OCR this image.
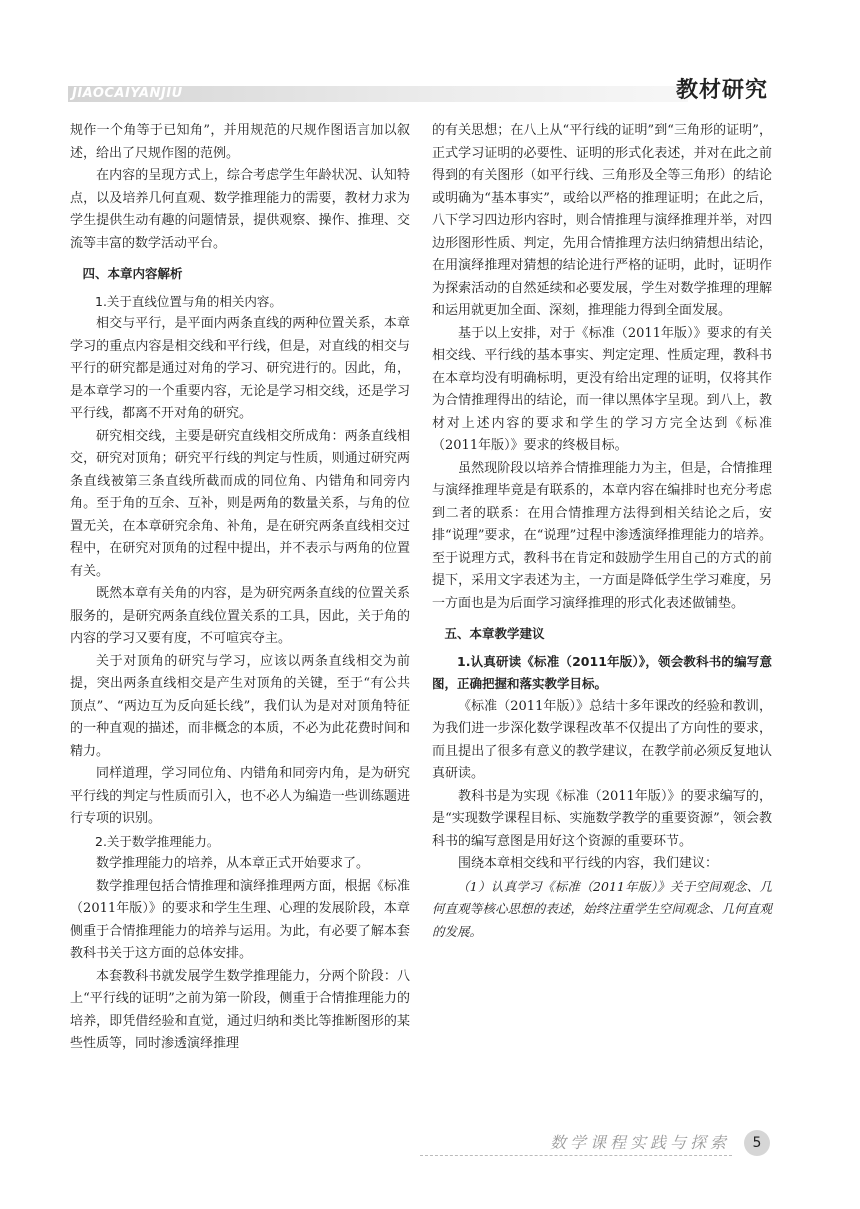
JIAOCAIYANJIU	教材研究

规作一个角等于已知角”，并用规范的尺规作图语言加以叙述，给出了尺规作图的范例。

在内容的呈现方式上，综合考虑学生年龄状况、认知特点，以及培养几何直观、数学推理能力的需要，教材力求为学生提供生动有趣的问题情景，提供观察、操作、推理、交流等丰富的数学活动平台。

四、本章内容解析

1.关于直线位置与角的相关内容。

相交与平行，是平面内两条直线的两种位置关系，本章学习的重点内容是相交线和平行线，但是，对直线的相交与平行的研究都是通过对角的学习、研究进行的。因此，角，是本章学习的一个重要内容，无论是学习相交线，还是学习平行线，都离不开对角的研究。

研究相交线，主要是研究直线相交所成角：两条直线相交，研究对顶角；研究平行线的判定与性质，则通过研究两条直线被第三条直线所截而成的同位角、内错角和同旁内角。至于角的互余、互补，则是两角的数量关系，与角的位置无关，在本章研究余角、补角，是在研究两条直线相交过程中，在研究对顶角的过程中提出，并不表示与两角的位置有关。

既然本章有关角的内容，是为研究两条直线的位置关系服务的，是研究两条直线位置关系的工具，因此，关于角的内容的学习又要有度，不可喧宾夺主。

关于对顶角的研究与学习，应该以两条直线相交为前提，突出两条直线相交是产生对顶角的关键，至于“有公共顶点”、“两边互为反向延长线”，我们认为是对对顶角特征的一种直观的描述，而非概念的本质，不必为此花费时间和精力。

同样道理，学习同位角、内错角和同旁内角，是为研究平行线的判定与性质而引入，也不必人为编造一些训练题进行专项的识别。

2.关于数学推理能力。

数学推理能力的培养，从本章正式开始要求了。

数学推理包括合情推理和演绎推理两方面，根据《标准（2011年版）》的要求和学生生理、心理的发展阶段，本章侧重于合情推理能力的培养与运用。为此，有必要了解本套教科书关于这方面的总体安排。

本套教科书就发展学生数学推理能力，分两个阶段：八上“平行线的证明”之前为第一阶段，侧重于合情推理能力的培养，即凭借经验和直觉，通过归纳和类比等推断图形的某些性质等，同时渗透演绎推理

的有关思想；在八上从“平行线的证明”到“三角形的证明”，正式学习证明的必要性、证明的形式化表述，并对在此之前得到的有关图形（如平行线、三角形及全等三角形）的结论或明确为“基本事实”，或给以严格的推理证明；在此之后，八下学习四边形内容时，则合情推理与演绎推理并举，对四边形图形性质、判定，先用合情推理方法归纳猜想出结论，在用演绎推理对猜想的结论进行严格的证明，此时，证明作为探索活动的自然延续和必要发展，学生对数学推理的理解和运用就更加全面、深刻，推理能力得到全面发展。

基于以上安排，对于《标准（2011年版）》要求的有关相交线、平行线的基本事实、判定定理、性质定理，教科书在本章均没有明确标明，更没有给出定理的证明，仅将其作为合情推理得出的结论，而一律以黑体字呈现。到八上，教材对上述内容的要求和学生的学习方完全达到《标准（2011年版）》要求的终极目标。

虽然现阶段以培养合情推理能力为主，但是，合情推理与演绎推理毕竟是有联系的，本章内容在编排时也充分考虑到二者的联系：在用合情推理方法得到相关结论之后，安排“说理”要求，在“说理”过程中渗透演绎推理能力的培养。至于说理方式，教科书在肯定和鼓励学生用自己的方式的前提下，采用文字表述为主，一方面是降低学生学习难度，另一方面也是为后面学习演绎推理的形式化表述做铺垫。

五、本章教学建议

1.认真研读《标准（2011年版）》，领会教科书的编写意图，正确把握和落实教学目标。

《标准（2011年版）》总结十多年课改的经验和教训，为我们进一步深化数学课程改革不仅提出了方向性的要求，而且提出了很多有意义的教学建议，在教学前必须反复地认真研读。

教科书是为实现《标准（2011年版）》的要求编写的，是“实现数学课程目标、实施数学教学的重要资源”，领会教科书的编写意图是用好这个资源的重要环节。

围绕本章相交线和平行线的内容，我们建议：

（1）认真学习《标准（2011年版）》关于空间观念、几何直观等核心思想的表述，始终注重学生空间观念、几何直观的发展。

数学课程实践与探索	5
